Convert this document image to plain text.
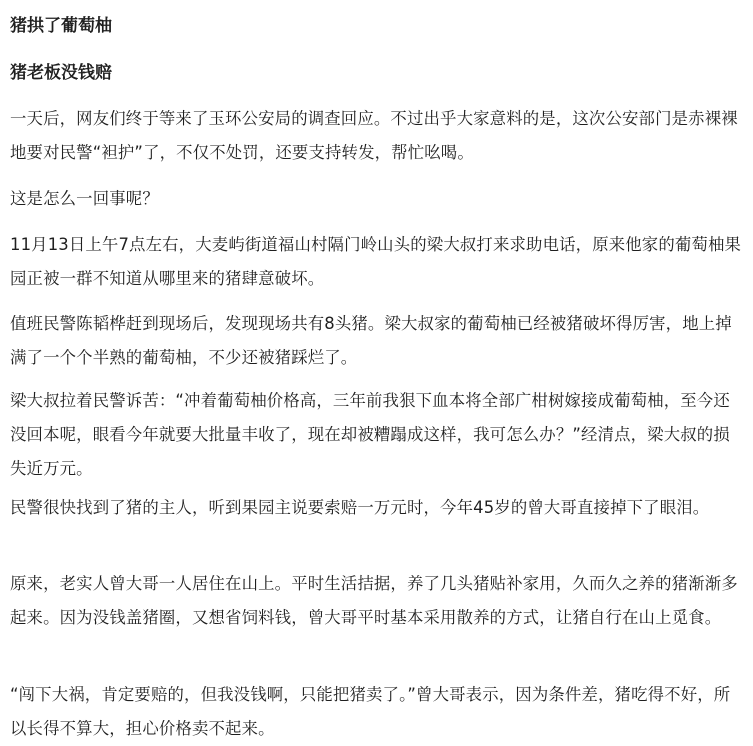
猪拱了葡萄柚
猪老板没钱赔

一天后，网友们终于等来了玉环公安局的调查回应。不过出乎大家意料的是，这次公安部门是赤裸裸地要对民警“袒护”了，不仅不处罚，还要支持转发，帮忙吆喝。

这是怎么一回事呢？

11月13日上午7点左右，大麦屿街道福山村隔门岭山头的梁大叔打来求助电话，原来他家的葡萄柚果园正被一群不知道从哪里来的猪肆意破坏。

值班民警陈韬桦赶到现场后，发现现场共有8头猪。梁大叔家的葡萄柚已经被猪破坏得厉害，地上掉满了一个个半熟的葡萄柚，不少还被猪踩烂了。

梁大叔拉着民警诉苦：“冲着葡萄柚价格高，三年前我狠下血本将全部广柑树嫁接成葡萄柚，至今还没回本呢，眼看今年就要大批量丰收了，现在却被糟蹋成这样，我可怎么办？”经清点，梁大叔的损失近万元。

民警很快找到了猪的主人，听到果园主说要索赔一万元时，今年45岁的曾大哥直接掉下了眼泪。

原来，老实人曾大哥一人居住在山上。平时生活拮据，养了几头猪贴补家用，久而久之养的猪渐渐多起来。因为没钱盖猪圈，又想省饲料钱，曾大哥平时基本采用散养的方式，让猪自行在山上觅食。

“闯下大祸，肯定要赔的，但我没钱啊，只能把猪卖了。”曾大哥表示，因为条件差，猪吃得不好，所以长得不算大，担心价格卖不起来。
